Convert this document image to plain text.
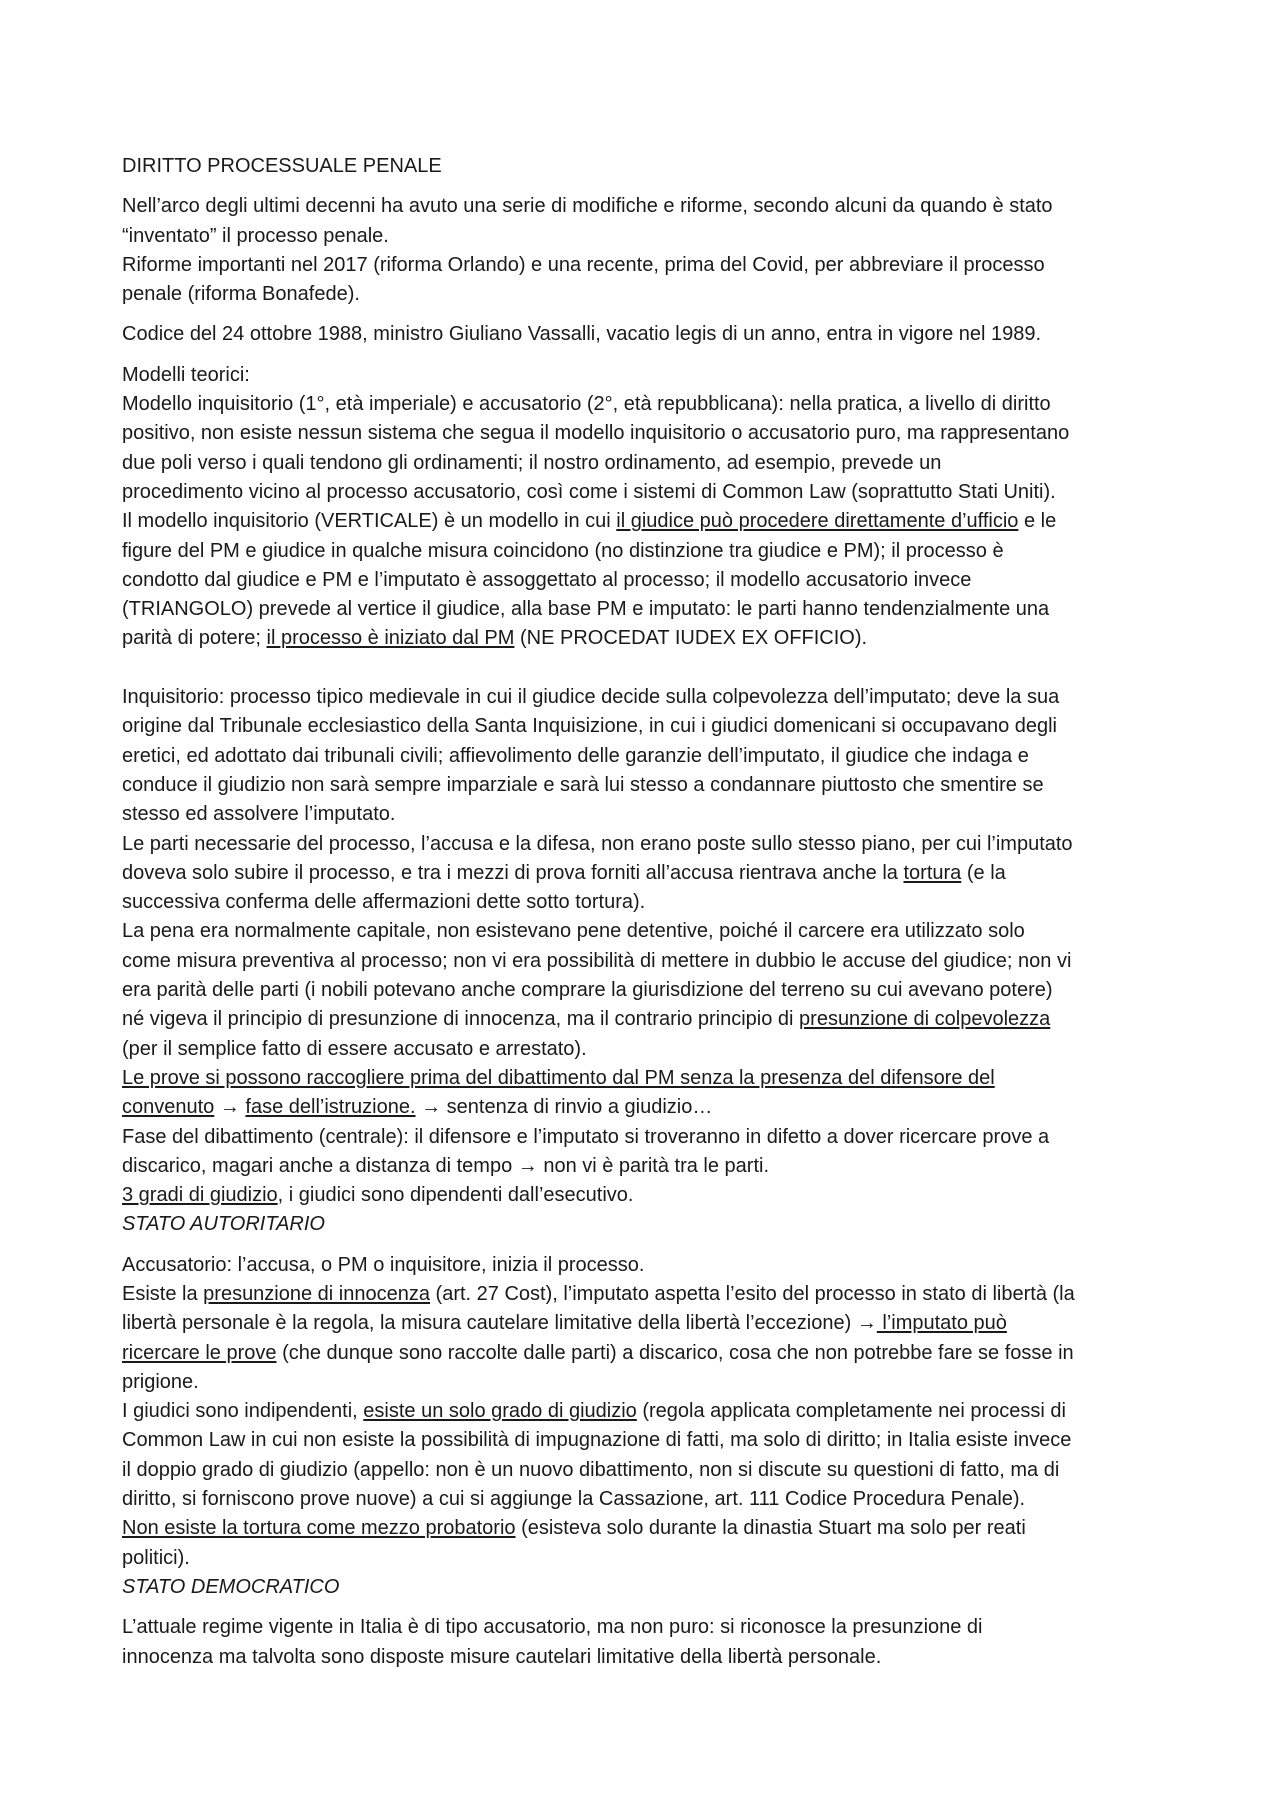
DIRITTO PROCESSUALE PENALE

Nell’arco degli ultimi decenni ha avuto una serie di modifiche e riforme, secondo alcuni da quando è stato
“inventato” il processo penale.
Riforme importanti nel 2017 (riforma Orlando) e una recente, prima del Covid, per abbreviare il processo
penale (riforma Bonafede).

Codice del 24 ottobre 1988, ministro Giuliano Vassalli, vacatio legis di un anno, entra in vigore nel 1989.

Modelli teorici:
Modello inquisitorio (1°, età imperiale) e accusatorio (2°, età repubblicana): nella pratica, a livello di diritto
positivo, non esiste nessun sistema che segua il modello inquisitorio o accusatorio puro, ma rappresentano
due poli verso i quali tendono gli ordinamenti; il nostro ordinamento, ad esempio, prevede un
procedimento vicino al processo accusatorio, così come i sistemi di Common Law (soprattutto Stati Uniti).
Il modello inquisitorio (VERTICALE) è un modello in cui il giudice può procedere direttamente d’ufficio e le
figure del PM e giudice in qualche misura coincidono (no distinzione tra giudice e PM); il processo è
condotto dal giudice e PM e l’imputato è assoggettato al processo; il modello accusatorio invece
(TRIANGOLO) prevede al vertice il giudice, alla base PM e imputato: le parti hanno tendenzialmente una
parità di potere; il processo è iniziato dal PM (NE PROCEDAT IUDEX EX OFFICIO).

Inquisitorio: processo tipico medievale in cui il giudice decide sulla colpevolezza dell’imputato; deve la sua
origine dal Tribunale ecclesiastico della Santa Inquisizione, in cui i giudici domenicani si occupavano degli
eretici, ed adottato dai tribunali civili; affievolimento delle garanzie dell’imputato, il giudice che indaga e
conduce il giudizio non sarà sempre imparziale e sarà lui stesso a condannare piuttosto che smentire se
stesso ed assolvere l’imputato.
Le parti necessarie del processo, l’accusa e la difesa, non erano poste sullo stesso piano, per cui l’imputato
doveva solo subire il processo, e tra i mezzi di prova forniti all’accusa rientrava anche la tortura (e la
successiva conferma delle affermazioni dette sotto tortura).
La pena era normalmente capitale, non esistevano pene detentive, poiché il carcere era utilizzato solo
come misura preventiva al processo; non vi era possibilità di mettere in dubbio le accuse del giudice; non vi
era parità delle parti (i nobili potevano anche comprare la giurisdizione del terreno su cui avevano potere)
né vigeva il principio di presunzione di innocenza, ma il contrario principio di presunzione di colpevolezza
(per il semplice fatto di essere accusato e arrestato).
Le prove si possono raccogliere prima del dibattimento dal PM senza la presenza del difensore del
convenuto → fase dell’istruzione. → sentenza di rinvio a giudizio…
Fase del dibattimento (centrale): il difensore e l’imputato si troveranno in difetto a dover ricercare prove a
discarico, magari anche a distanza di tempo → non vi è parità tra le parti.
3 gradi di giudizio, i giudici sono dipendenti dall’esecutivo.
STATO AUTORITARIO

Accusatorio: l’accusa, o PM o inquisitore, inizia il processo.
Esiste la presunzione di innocenza (art. 27 Cost), l’imputato aspetta l’esito del processo in stato di libertà (la
libertà personale è la regola, la misura cautelare limitative della libertà l’eccezione) → l’imputato può
ricercare le prove (che dunque sono raccolte dalle parti) a discarico, cosa che non potrebbe fare se fosse in
prigione.
I giudici sono indipendenti, esiste un solo grado di giudizio (regola applicata completamente nei processi di
Common Law in cui non esiste la possibilità di impugnazione di fatti, ma solo di diritto; in Italia esiste invece
il doppio grado di giudizio (appello: non è un nuovo dibattimento, non si discute su questioni di fatto, ma di
diritto, si forniscono prove nuove) a cui si aggiunge la Cassazione, art. 111 Codice Procedura Penale).
Non esiste la tortura come mezzo probatorio (esisteva solo durante la dinastia Stuart ma solo per reati
politici).
STATO DEMOCRATICO

L’attuale regime vigente in Italia è di tipo accusatorio, ma non puro: si riconosce la presunzione di
innocenza ma talvolta sono disposte misure cautelari limitative della libertà personale.
